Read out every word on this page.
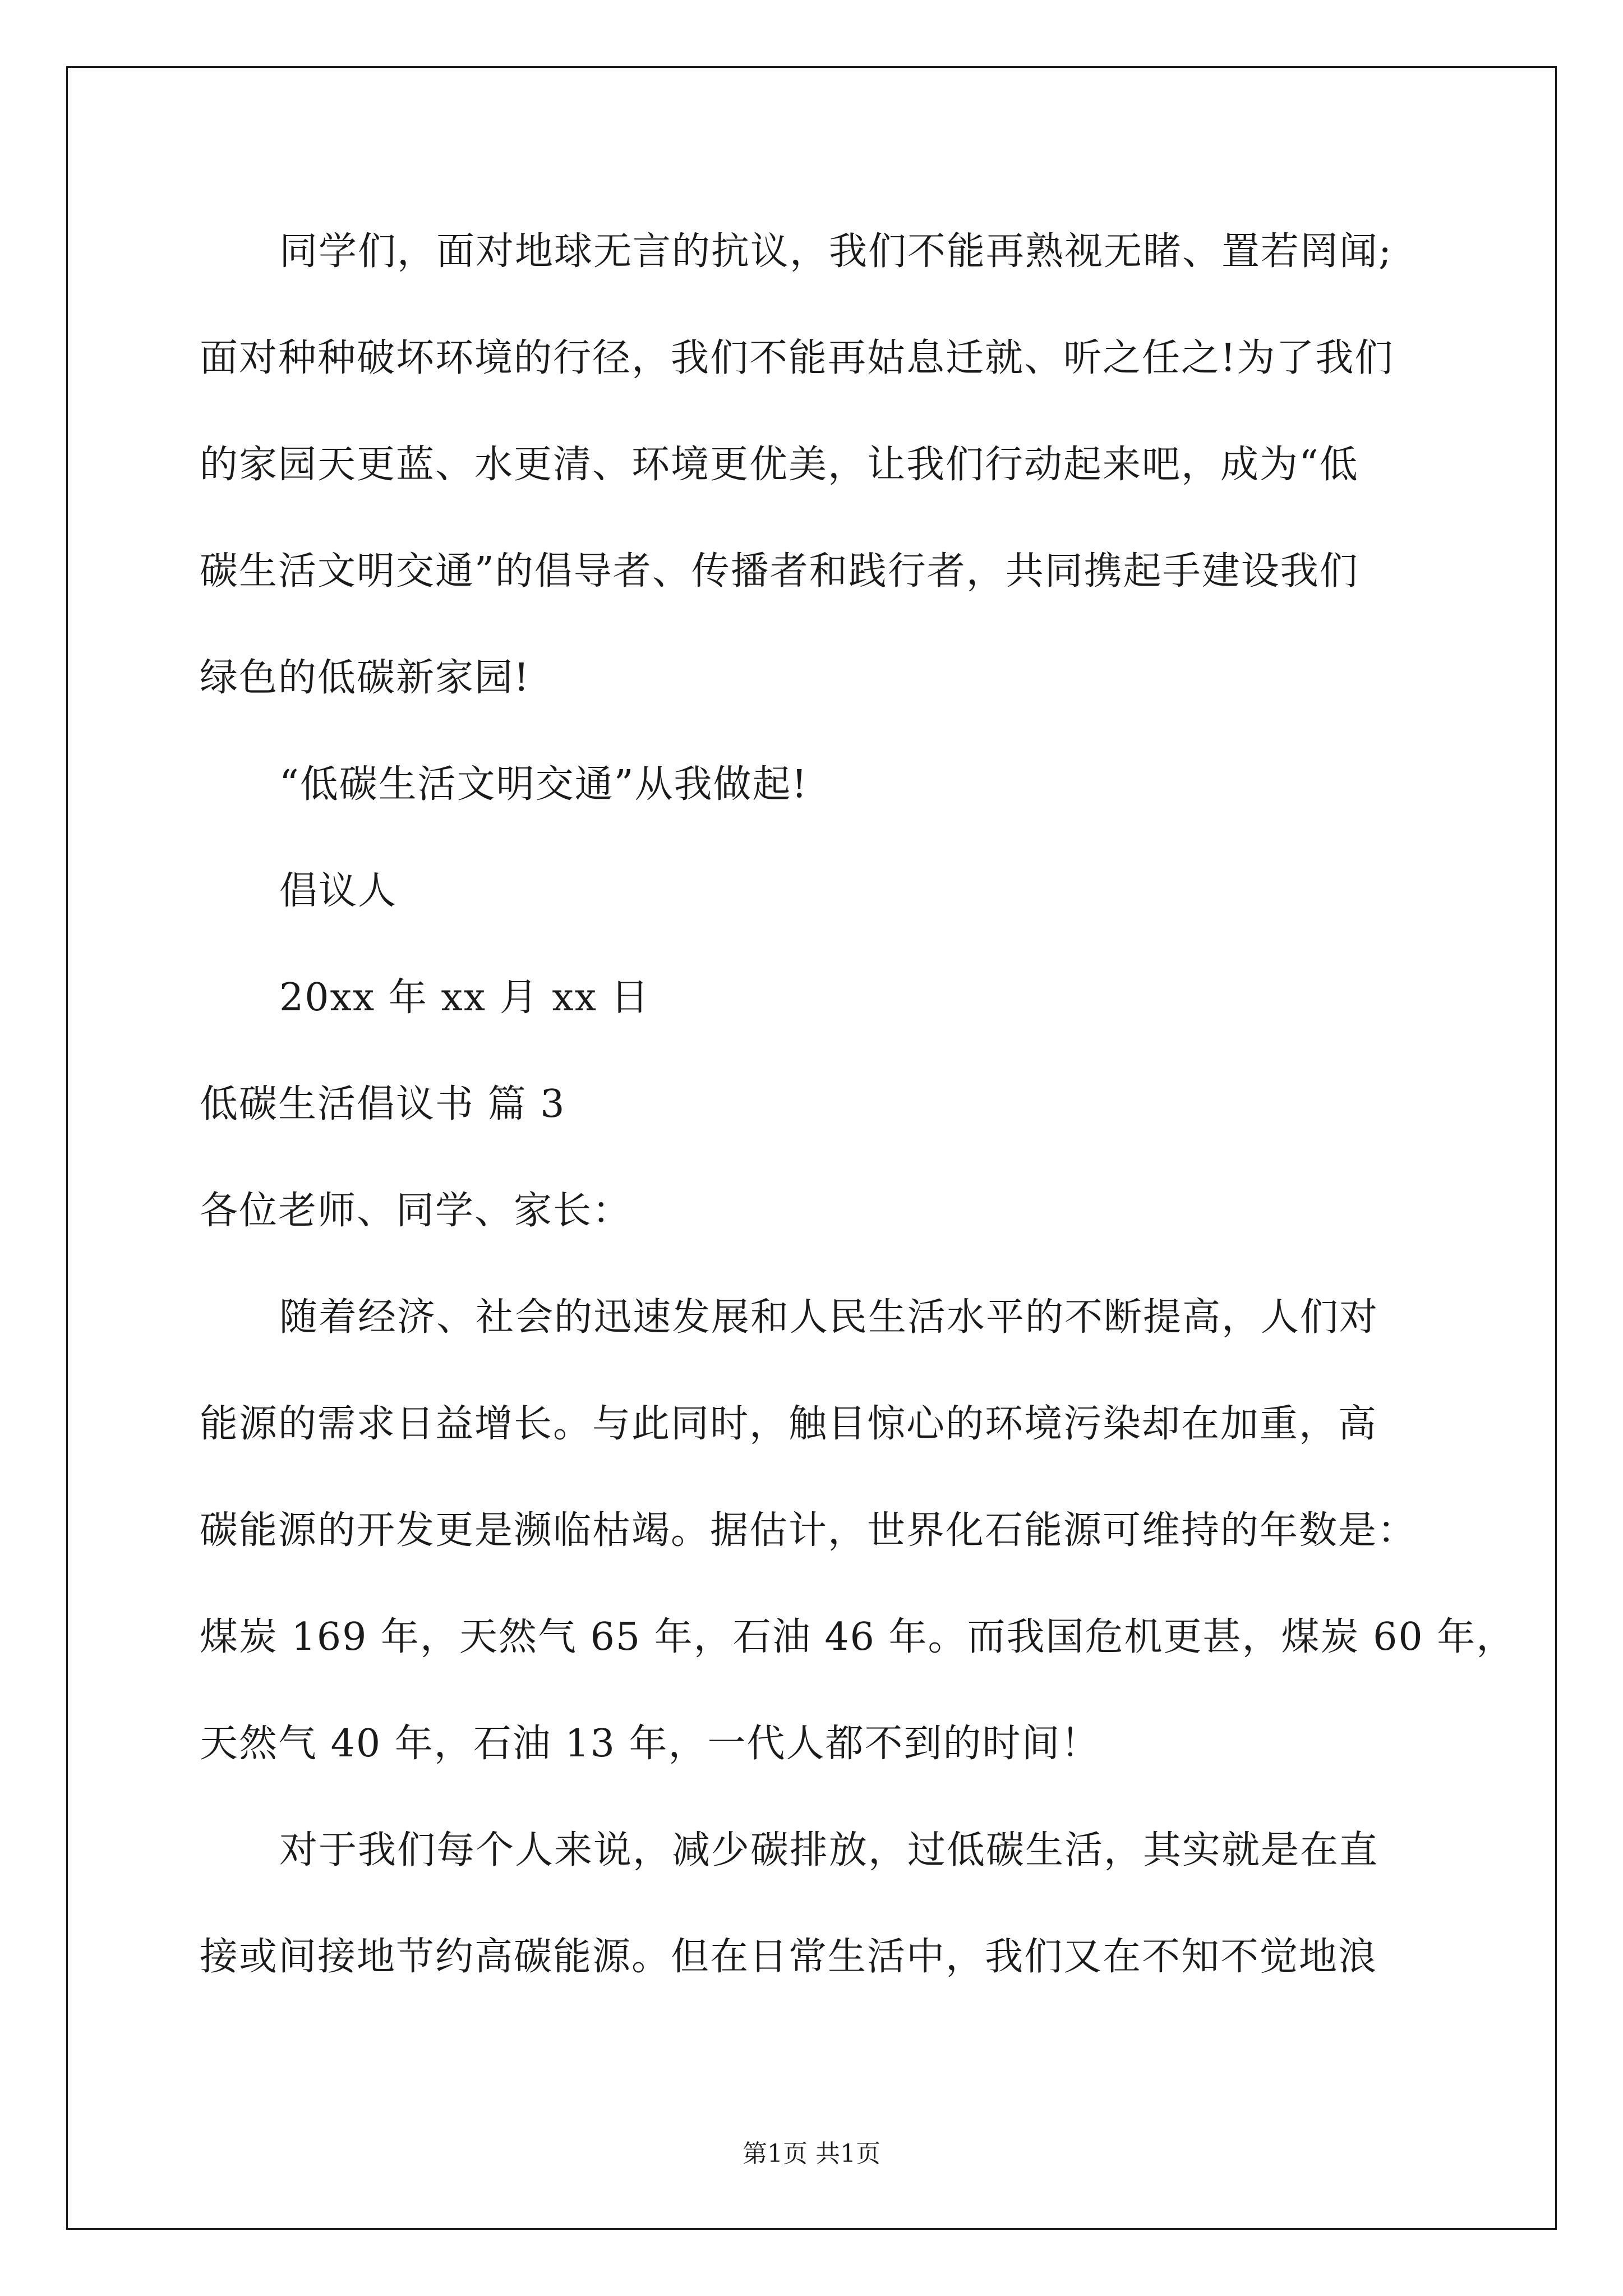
同学们，面对地球无言的抗议，我们不能再熟视无睹、置若罔闻;
面对种种破坏环境的行径，我们不能再姑息迁就、听之任之!为了我们
的家园天更蓝、水更清、环境更优美，让我们行动起来吧，成为“低
碳生活文明交通”的倡导者、传播者和践行者，共同携起手建设我们
绿色的低碳新家园!
“低碳生活文明交通”从我做起!
倡议人
20xx 年 xx 月 xx 日
低碳生活倡议书 篇 3
各位老师、同学、家长：
随着经济、社会的迅速发展和人民生活水平的不断提高，人们对
能源的需求日益增长。与此同时，触目惊心的环境污染却在加重，高
碳能源的开发更是濒临枯竭。据估计，世界化石能源可维持的年数是：
煤炭 169 年，天然气 65 年，石油 46 年。而我国危机更甚，煤炭 60 年，
天然气 40 年，石油 13 年，一代人都不到的时间！
对于我们每个人来说，减少碳排放，过低碳生活，其实就是在直
接或间接地节约高碳能源。但在日常生活中，我们又在不知不觉地浪
第1页 共1页
